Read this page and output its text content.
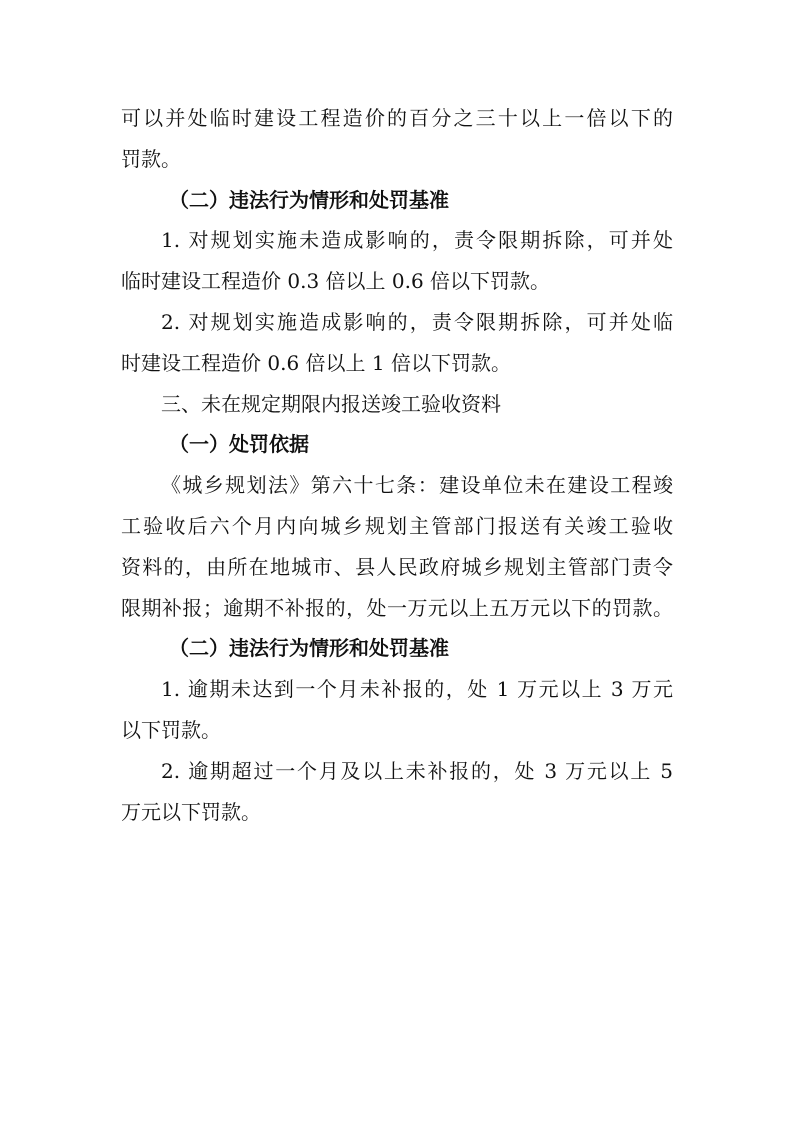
可以并处临时建设工程造价的百分之三十以上一倍以下的
罚款。
（二）违法行为情形和处罚基准
1. 对规划实施未造成影响的，责令限期拆除，可并处
临时建设工程造价 0.3 倍以上 0.6 倍以下罚款。
2. 对规划实施造成影响的，责令限期拆除，可并处临
时建设工程造价 0.6 倍以上 1 倍以下罚款。
三、未在规定期限内报送竣工验收资料
（一）处罚依据
《城乡规划法》第六十七条：建设单位未在建设工程竣
工验收后六个月内向城乡规划主管部门报送有关竣工验收
资料的，由所在地城市、县人民政府城乡规划主管部门责令
限期补报；逾期不补报的，处一万元以上五万元以下的罚款。
（二）违法行为情形和处罚基准
1. 逾期未达到一个月未补报的，处 1 万元以上 3 万元
以下罚款。
2. 逾期超过一个月及以上未补报的，处 3 万元以上 5
万元以下罚款。
